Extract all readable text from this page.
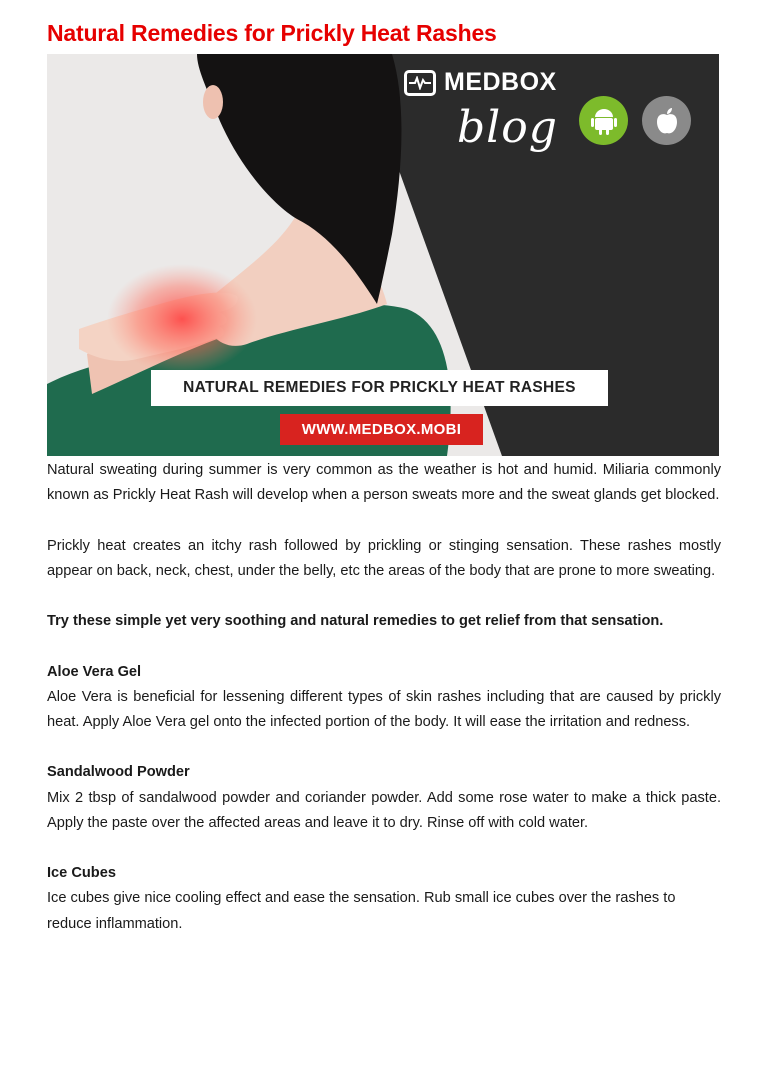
Natural Remedies for Prickly Heat Rashes
MEDBOX
blog
NATURAL REMEDIES FOR PRICKLY HEAT RASHES
WWW.MEDBOX.MOBI

Natural sweating during summer is very common as the weather is hot and humid. Miliaria commonly known as Prickly Heat Rash will develop when a person sweats more and the sweat glands get blocked.

Prickly heat creates an itchy rash followed by prickling or stinging sensation. These rashes mostly appear on back, neck, chest, under the belly, etc the areas of the body that are prone to more sweating.

Try these simple yet very soothing and natural remedies to get relief from that sensation.

Aloe Vera Gel

Aloe Vera is beneficial for lessening different types of skin rashes including that are caused by prickly heat. Apply Aloe Vera gel onto the infected portion of the body. It will ease the irritation and redness.

Sandalwood Powder

Mix 2 tbsp of sandalwood powder and coriander powder. Add some rose water to make a thick paste. Apply the paste over the affected areas and leave it to dry. Rinse off with cold water.

Ice Cubes

Ice cubes give nice cooling effect and ease the sensation. Rub small ice cubes over the rashes to reduce inflammation.
